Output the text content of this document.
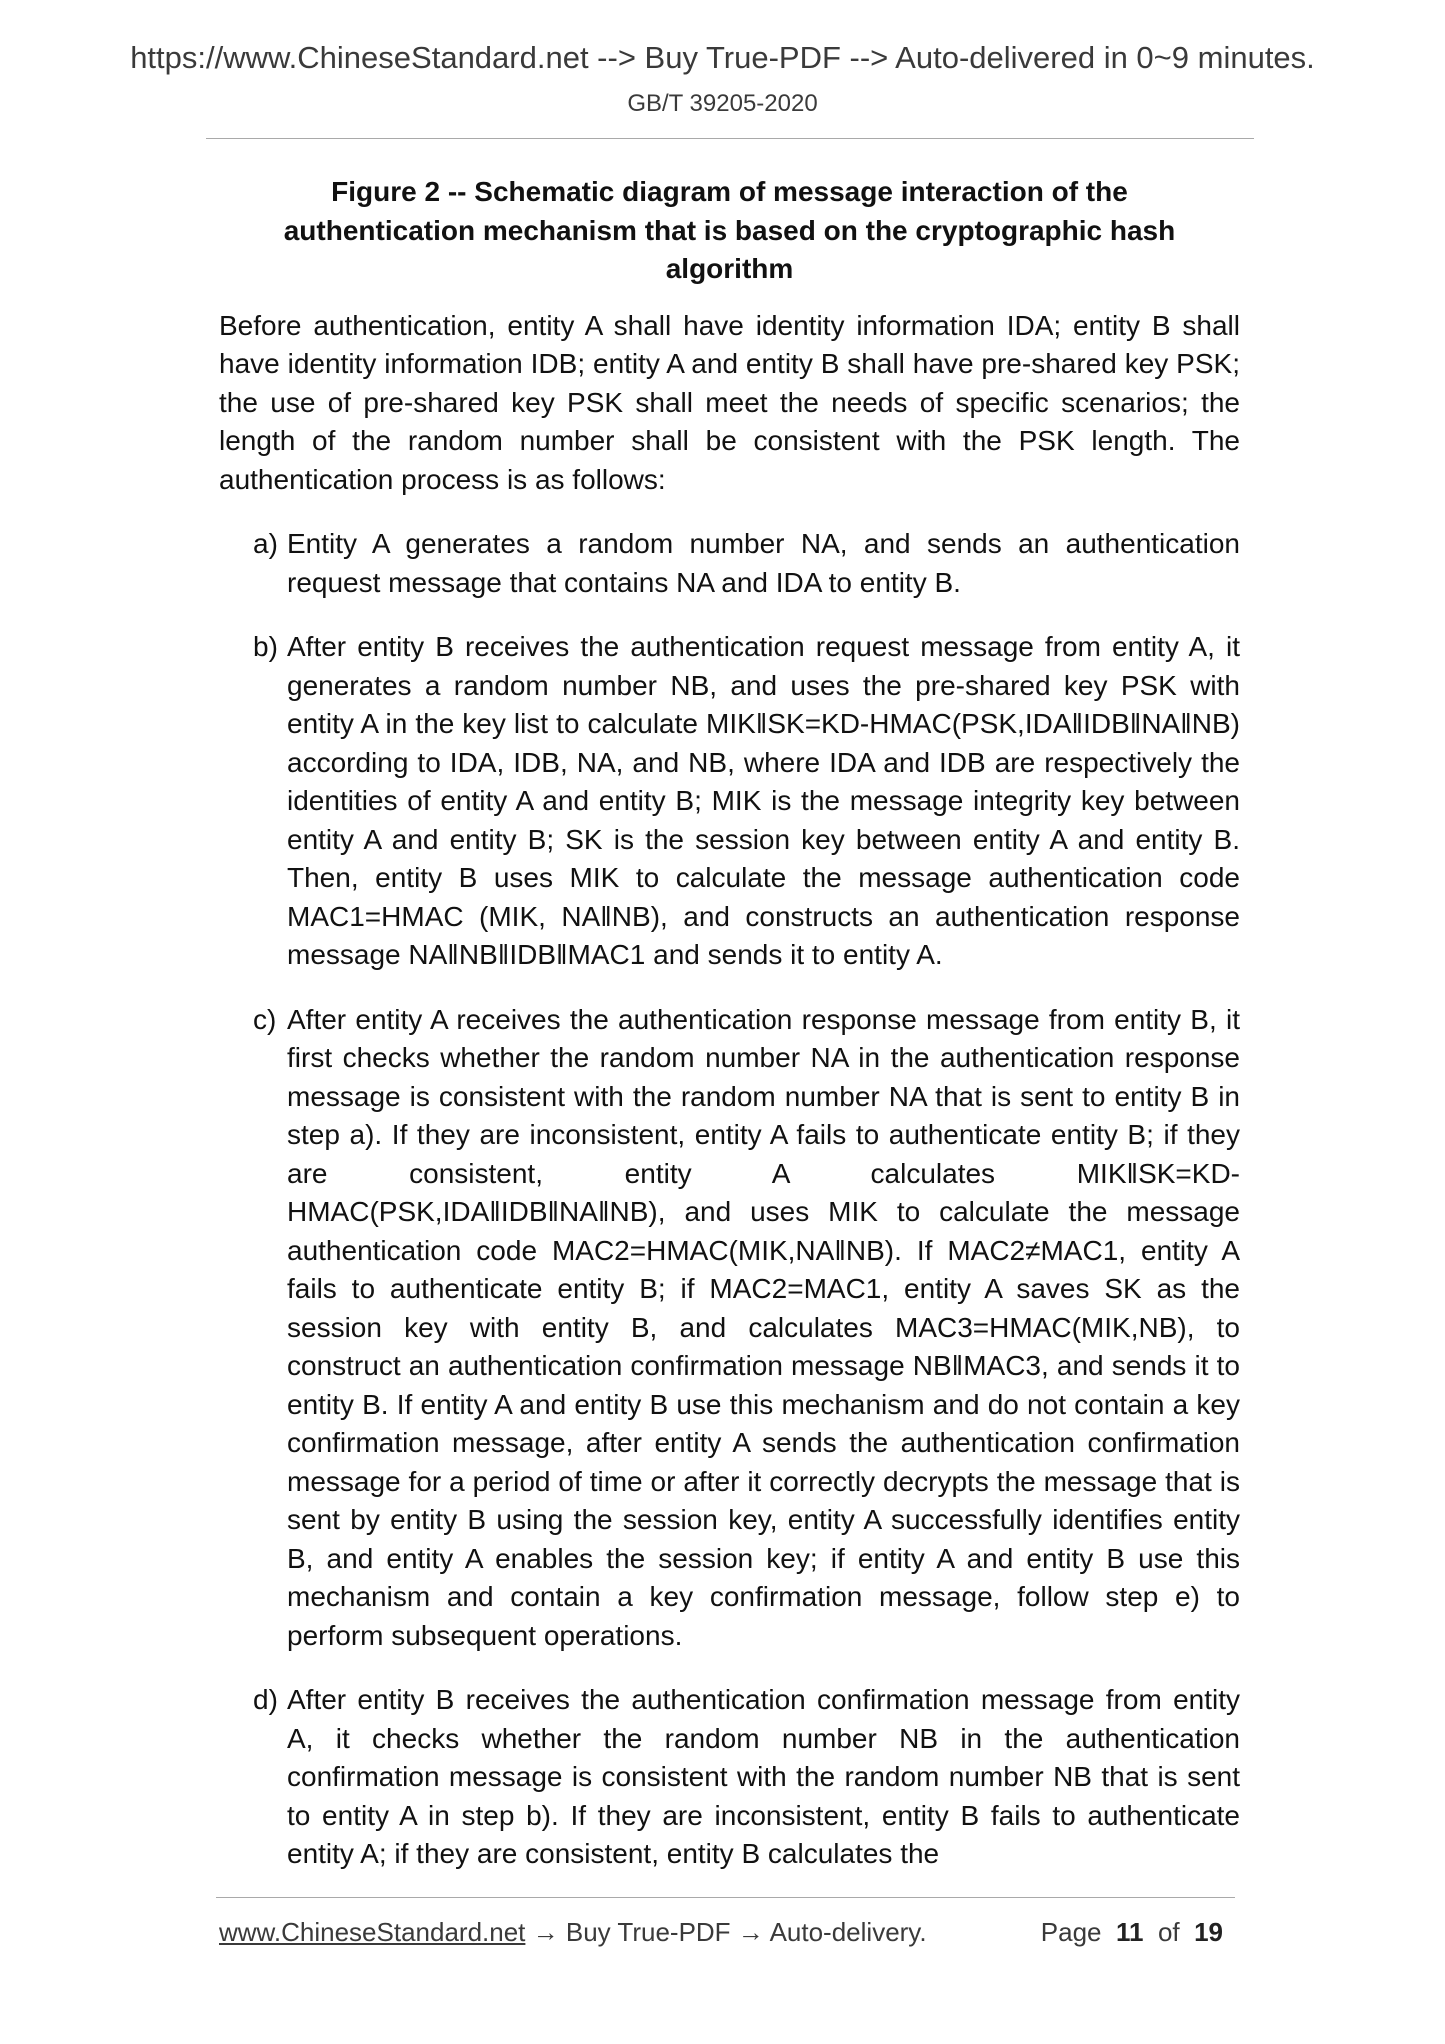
https://www.ChineseStandard.net --> Buy True-PDF --> Auto-delivered in 0~9 minutes.
GB/T 39205-2020
Figure 2 -- Schematic diagram of message interaction of the authentication mechanism that is based on the cryptographic hash algorithm
Before authentication, entity A shall have identity information IDA; entity B shall have identity information IDB; entity A and entity B shall have pre-shared key PSK; the use of pre-shared key PSK shall meet the needs of specific scenarios; the length of the random number shall be consistent with the PSK length. The authentication process is as follows:
a) Entity A generates a random number NA, and sends an authentication request message that contains NA and IDA to entity B.
b) After entity B receives the authentication request message from entity A, it generates a random number NB, and uses the pre-shared key PSK with entity A in the key list to calculate MIK‖SK=KD-HMAC(PSK,IDA‖IDB‖NA‖NB) according to IDA, IDB, NA, and NB, where IDA and IDB are respectively the identities of entity A and entity B; MIK is the message integrity key between entity A and entity B; SK is the session key between entity A and entity B. Then, entity B uses MIK to calculate the message authentication code MAC1=HMAC (MIK, NA‖NB), and constructs an authentication response message NA‖NB‖IDB‖MAC1 and sends it to entity A.
c) After entity A receives the authentication response message from entity B, it first checks whether the random number NA in the authentication response message is consistent with the random number NA that is sent to entity B in step a). If they are inconsistent, entity A fails to authenticate entity B; if they are consistent, entity A calculates MIK‖SK=KD-HMAC(PSK,IDA‖IDB‖NA‖NB), and uses MIK to calculate the message authentication code MAC2=HMAC(MIK,NA‖NB). If MAC2≠MAC1, entity A fails to authenticate entity B; if MAC2=MAC1, entity A saves SK as the session key with entity B, and calculates MAC3=HMAC(MIK,NB), to construct an authentication confirmation message NB‖MAC3, and sends it to entity B. If entity A and entity B use this mechanism and do not contain a key confirmation message, after entity A sends the authentication confirmation message for a period of time or after it correctly decrypts the message that is sent by entity B using the session key, entity A successfully identifies entity B, and entity A enables the session key; if entity A and entity B use this mechanism and contain a key confirmation message, follow step e) to perform subsequent operations.
d) After entity B receives the authentication confirmation message from entity A, it checks whether the random number NB in the authentication confirmation message is consistent with the random number NB that is sent to entity A in step b). If they are inconsistent, entity B fails to authenticate entity A; if they are consistent, entity B calculates the
www.ChineseStandard.net → Buy True-PDF → Auto-delivery.	Page 11 of 19
